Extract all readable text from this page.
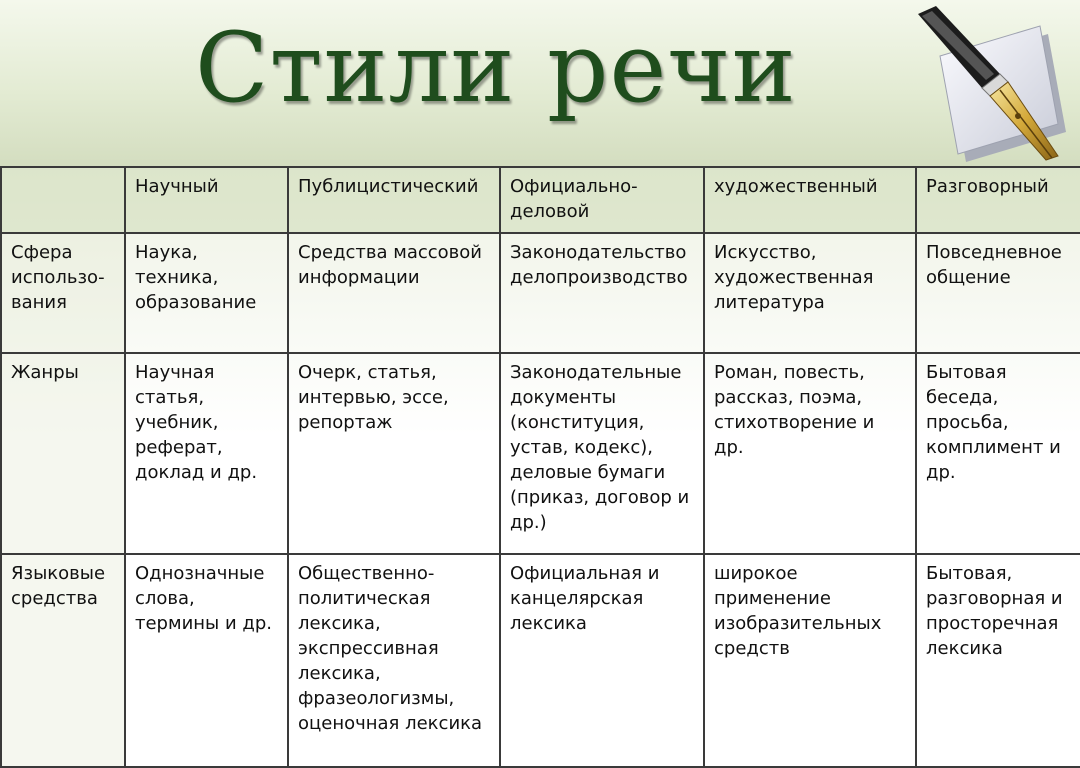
Стили речи
	Научный	Публицистический	Официально-деловой	художественный	Разговорный
Сфера использо-вания	Наука, техника, образование	Средства массовой информации	Законодательство делопроизводство	Искусство, художественная литература	Повседневное общение
Жанры	Научная статья, учебник, реферат, доклад и др.	Очерк, статья, интервью, эссе, репортаж	Законодательные документы (конституция, устав, кодекс), деловые бумаги (приказ, договор и др.)	Роман, повесть, рассказ, поэма, стихотворение и др.	Бытовая беседа, просьба, комплимент и др.
Языковые средства	Однозначные слова, термины и др.	Общественно-политическая лексика, экспрессивная лексика, фразеологизмы, оценочная лексика	Официальная и канцелярская лексика	широкое применение изобразительных средств	Бытовая, разговорная и просторечная лексика
